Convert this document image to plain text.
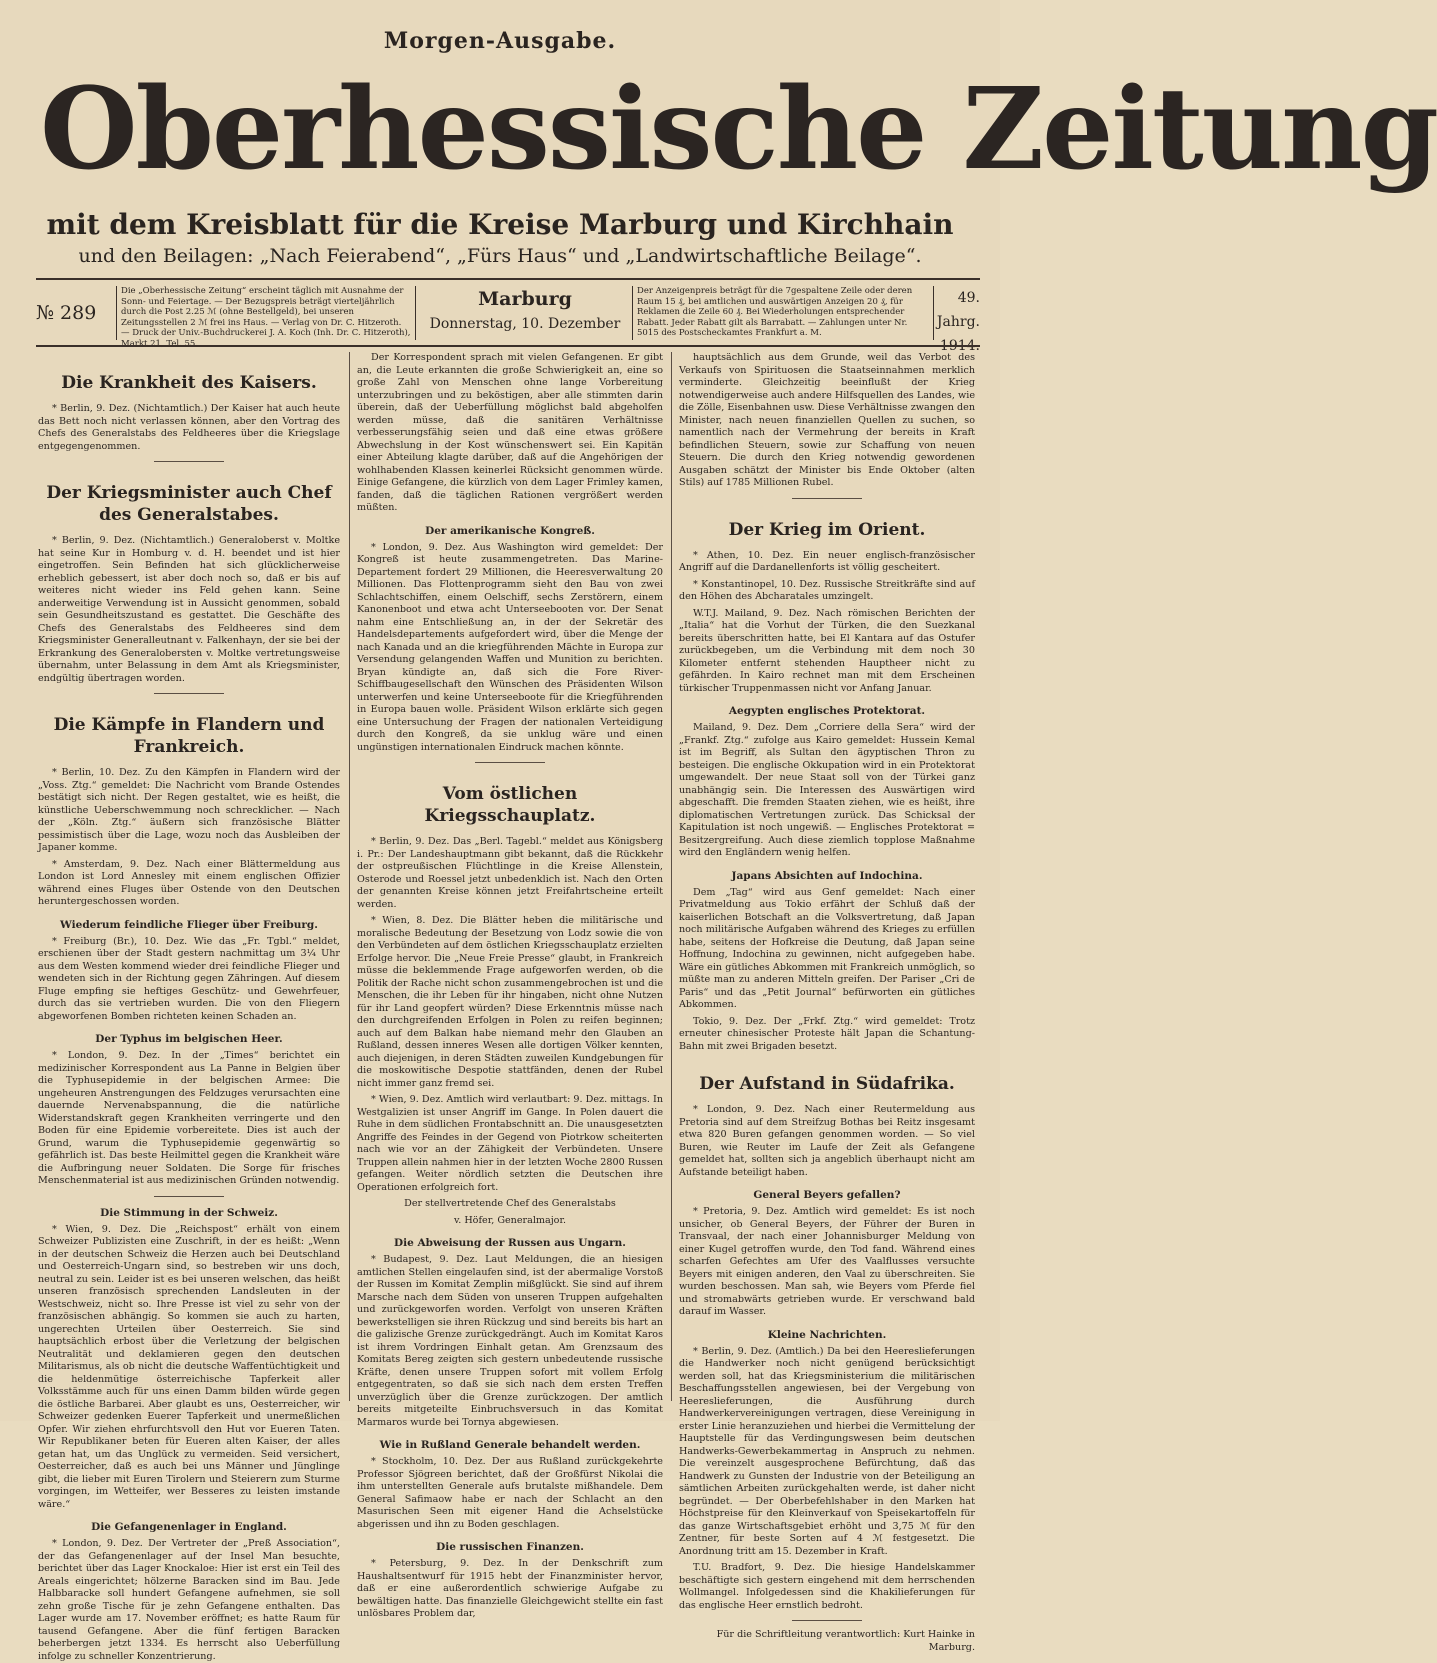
Morgen-Ausgabe.
Oberhessische Zeitung
mit dem Kreisblatt für die Kreise Marburg und Kirchhain
und den Beilagen: „Nach Feierabend“, „Fürs Haus“ und „Landwirtschaftliche Beilage“.
№ 289
Die „Oberhessische Zeitung“ erscheint täglich mit Ausnahme der Sonn- und Feiertage. — Der Bezugspreis beträgt vierteljährlich durch die Post 2.25 ℳ (ohne Bestellgeld), bei unseren Zeitungsstellen 2 ℳ frei ins Haus. — Verlag von Dr. C. Hitzeroth. — Druck der Univ.-Buchdruckerei J. A. Koch (Inh. Dr. C. Hitzeroth), Markt 21, Tel. 55.
Marburg
Donnerstag, 10. Dezember
Der Anzeigenpreis beträgt für die 7gespaltene Zeile oder deren Raum 15 ₰, bei amtlichen und auswärtigen Anzeigen 20 ₰, für Reklamen die Zeile 60 ₰. Bei Wiederholungen entsprechender Rabatt. Jeder Rabatt gilt als Barrabatt. — Zahlungen unter Nr. 5015 des Postscheckamtes Frankfurt a. M.
49. Jahrg.
1914.
Die Krankheit des Kaisers.

* Berlin, 9. Dez. (Nichtamtlich.) Der Kaiser hat auch heute das Bett noch nicht verlassen können, aber den Vortrag des Chefs des Generalstabs des Feldheeres über die Kriegslage entgegengenommen.

Der Kriegsminister auch Chef des Generalstabes.

* Berlin, 9. Dez. (Nichtamtlich.) Generaloberst v. Moltke hat seine Kur in Homburg v. d. H. beendet und ist hier eingetroffen. Sein Befinden hat sich glücklicherweise erheblich gebessert, ist aber doch noch so, daß er bis auf weiteres nicht wieder ins Feld gehen kann. Seine anderweitige Verwendung ist in Aussicht genommen, sobald sein Gesundheitszustand es gestattet. Die Geschäfte des Chefs des Generalstabs des Feldheeres sind dem Kriegsminister Generalleutnant v. Falkenhayn, der sie bei der Erkrankung des Generalobersten v. Moltke vertretungsweise übernahm, unter Belassung in dem Amt als Kriegsminister, endgültig übertragen worden.

Die Kämpfe in Flandern und Frankreich.

* Berlin, 10. Dez. Zu den Kämpfen in Flandern wird der „Voss. Ztg.“ gemeldet: Die Nachricht vom Brande Ostendes bestätigt sich nicht. Der Regen gestaltet, wie es heißt, die künstliche Ueberschwemmung noch schrecklicher. — Nach der „Köln. Ztg.“ äußern sich französische Blätter pessimistisch über die Lage, wozu noch das Ausbleiben der Japaner komme.

* Amsterdam, 9. Dez. Nach einer Blättermeldung aus London ist Lord Annesley mit einem englischen Offizier während eines Fluges über Ostende von den Deutschen heruntergeschossen worden.

Wiederum feindliche Flieger über Freiburg.

* Freiburg (Br.), 10. Dez. Wie das „Fr. Tgbl.“ meldet, erschienen über der Stadt gestern nachmittag um 3¼ Uhr aus dem Westen kommend wieder drei feindliche Flieger und wendeten sich in der Richtung gegen Zähringen. Auf diesem Fluge empfing sie heftiges Geschütz- und Gewehrfeuer, durch das sie vertrieben wurden. Die von den Fliegern abgeworfenen Bomben richteten keinen Schaden an.

Der Typhus im belgischen Heer.

* London, 9. Dez. In der „Times“ berichtet ein medizinischer Korrespondent aus La Panne in Belgien über die Typhusepidemie in der belgischen Armee: Die ungeheuren Anstrengungen des Feldzuges verursachten eine dauernde Nervenabspannung, die die natürliche Widerstandskraft gegen Krankheiten verringerte und den Boden für eine Epidemie vorbereitete. Dies ist auch der Grund, warum die Typhusepidemie gegenwärtig so gefährlich ist. Das beste Heilmittel gegen die Krankheit wäre die Aufbringung neuer Soldaten. Die Sorge für frisches Menschenmaterial ist aus medizinischen Gründen notwendig.

Die Stimmung in der Schweiz.

* Wien, 9. Dez. Die „Reichspost“ erhält von einem Schweizer Publizisten eine Zuschrift, in der es heißt: „Wenn in der deutschen Schweiz die Herzen auch bei Deutschland und Oesterreich-Ungarn sind, so bestreben wir uns doch, neutral zu sein. Leider ist es bei unseren welschen, das heißt unseren französisch sprechenden Landsleuten in der Westschweiz, nicht so. Ihre Presse ist viel zu sehr von der französischen abhängig. So kommen sie auch zu harten, ungerechten Urteilen über Oesterreich. Sie sind hauptsächlich erbost über die Verletzung der belgischen Neutralität und deklamieren gegen den deutschen Militarismus, als ob nicht die deutsche Waffentüchtigkeit und die heldenmütige österreichische Tapferkeit aller Volksstämme auch für uns einen Damm bilden würde gegen die östliche Barbarei. Aber glaubt es uns, Oesterreicher, wir Schweizer gedenken Euerer Tapferkeit und unermeßlichen Opfer. Wir ziehen ehrfurchtsvoll den Hut vor Eueren Taten. Wir Republikaner beten für Eueren alten Kaiser, der alles getan hat, um das Unglück zu vermeiden. Seid versichert, Oesterreicher, daß es auch bei uns Männer und Jünglinge gibt, die lieber mit Euren Tirolern und Steierern zum Sturme vorgingen, im Wetteifer, wer Besseres zu leisten imstande wäre.“

Die Gefangenenlager in England.

* London, 9. Dez. Der Vertreter der „Preß Association“, der das Gefangenenlager auf der Insel Man besuchte, berichtet über das Lager Knockaloe: Hier ist erst ein Teil des Areals eingerichtet; hölzerne Baracken sind im Bau. Jede Halbbaracke soll hundert Gefangene aufnehmen, sie soll zehn große Tische für je zehn Gefangene enthalten. Das Lager wurde am 17. November eröffnet; es hatte Raum für tausend Gefangene. Aber die fünf fertigen Baracken beherbergen jetzt 1334. Es herrscht also Ueberfüllung infolge zu schneller Konzentrierung.

Der Korrespondent sprach mit vielen Gefangenen. Er gibt an, die Leute erkannten die große Schwierigkeit an, eine so große Zahl von Menschen ohne lange Vorbereitung unterzubringen und zu beköstigen, aber alle stimmten darin überein, daß der Ueberfüllung möglichst bald abgeholfen werden müsse, daß die sanitären Verhältnisse verbesserungsfähig seien und daß eine etwas größere Abwechslung in der Kost wünschenswert sei. Ein Kapitän einer Abteilung klagte darüber, daß auf die Angehörigen der wohlhabenden Klassen keinerlei Rücksicht genommen würde. Einige Gefangene, die kürzlich von dem Lager Frimley kamen, fanden, daß die täglichen Rationen vergrößert werden müßten.

Der amerikanische Kongreß.

* London, 9. Dez. Aus Washington wird gemeldet: Der Kongreß ist heute zusammengetreten. Das Marine-Departement fordert 29 Millionen, die Heeresverwaltung 20 Millionen. Das Flottenprogramm sieht den Bau von zwei Schlachtschiffen, einem Oelschiff, sechs Zerstörern, einem Kanonenboot und etwa acht Unterseebooten vor. Der Senat nahm eine Entschließung an, in der der Sekretär des Handelsdepartements aufgefordert wird, über die Menge der nach Kanada und an die kriegführenden Mächte in Europa zur Versendung gelangenden Waffen und Munition zu berichten. Bryan kündigte an, daß sich die Fore River-Schiffbaugesellschaft den Wünschen des Präsidenten Wilson unterwerfen und keine Unterseeboote für die Kriegführenden in Europa bauen wolle. Präsident Wilson erklärte sich gegen eine Untersuchung der Fragen der nationalen Verteidigung durch den Kongreß, da sie unklug wäre und einen ungünstigen internationalen Eindruck machen könnte.

Vom östlichen Kriegsschauplatz.

* Berlin, 9. Dez. Das „Berl. Tagebl.“ meldet aus Königsberg i. Pr.: Der Landeshauptmann gibt bekannt, daß die Rückkehr der ostpreußischen Flüchtlinge in die Kreise Allenstein, Osterode und Roessel jetzt unbedenklich ist. Nach den Orten der genannten Kreise können jetzt Freifahrtscheine erteilt werden.

* Wien, 8. Dez. Die Blätter heben die militärische und moralische Bedeutung der Besetzung von Lodz sowie die von den Verbündeten auf dem östlichen Kriegsschauplatz erzielten Erfolge hervor. Die „Neue Freie Presse“ glaubt, in Frankreich müsse die beklemmende Frage aufgeworfen werden, ob die Politik der Rache nicht schon zusammengebrochen ist und die Menschen, die ihr Leben für ihr hingaben, nicht ohne Nutzen für ihr Land geopfert würden? Diese Erkenntnis müsse nach den durchgreifenden Erfolgen in Polen zu reifen beginnen; auch auf dem Balkan habe niemand mehr den Glauben an Rußland, dessen inneres Wesen alle dortigen Völker kennten, auch diejenigen, in deren Städten zuweilen Kundgebungen für die moskowitische Despotie stattfänden, denen der Rubel nicht immer ganz fremd sei.

* Wien, 9. Dez. Amtlich wird verlautbart: 9. Dez. mittags. In Westgalizien ist unser Angriff im Gange. In Polen dauert die Ruhe in dem südlichen Frontabschnitt an. Die unausgesetzten Angriffe des Feindes in der Gegend von Piotrkow scheiterten nach wie vor an der Zähigkeit der Verbündeten. Unsere Truppen allein nahmen hier in der letzten Woche 2800 Russen gefangen. Weiter nördlich setzten die Deutschen ihre Operationen erfolgreich fort.

Der stellvertretende Chef des Generalstabs

v. Höfer, Generalmajor.

Die Abweisung der Russen aus Ungarn.

* Budapest, 9. Dez. Laut Meldungen, die an hiesigen amtlichen Stellen eingelaufen sind, ist der abermalige Vorstoß der Russen im Komitat Zemplin mißglückt. Sie sind auf ihrem Marsche nach dem Süden von unseren Truppen aufgehalten und zurückgeworfen worden. Verfolgt von unseren Kräften bewerkstelligen sie ihren Rückzug und sind bereits bis hart an die galizische Grenze zurückgedrängt. Auch im Komitat Karos ist ihrem Vordringen Einhalt getan. Am Grenzsaum des Komitats Bereg zeigten sich gestern unbedeutende russische Kräfte, denen unsere Truppen sofort mit vollem Erfolg entgegentraten, so daß sie sich nach dem ersten Treffen unverzüglich über die Grenze zurückzogen. Der amtlich bereits mitgeteilte Einbruchsversuch in das Komitat Marmaros wurde bei Tornya abgewiesen.

Wie in Rußland Generale behandelt werden.

* Stockholm, 10. Dez. Der aus Rußland zurückgekehrte Professor Sjögreen berichtet, daß der Großfürst Nikolai die ihm unterstellten Generale aufs brutalste mißhandele. Dem General Safimaow habe er nach der Schlacht an den Masurischen Seen mit eigener Hand die Achselstücke abgerissen und ihn zu Boden geschlagen.

Die russischen Finanzen.

* Petersburg, 9. Dez. In der Denkschrift zum Haushaltsentwurf für 1915 hebt der Finanzminister hervor, daß er eine außerordentlich schwierige Aufgabe zu bewältigen hatte. Das finanzielle Gleichgewicht stellte ein fast unlösbares Problem dar,

hauptsächlich aus dem Grunde, weil das Verbot des Verkaufs von Spirituosen die Staatseinnahmen merklich verminderte. Gleichzeitig beeinflußt der Krieg notwendigerweise auch andere Hilfsquellen des Landes, wie die Zölle, Eisenbahnen usw. Diese Verhältnisse zwangen den Minister, nach neuen finanziellen Quellen zu suchen, so namentlich nach der Vermehrung der bereits in Kraft befindlichen Steuern, sowie zur Schaffung von neuen Steuern. Die durch den Krieg notwendig gewordenen Ausgaben schätzt der Minister bis Ende Oktober (alten Stils) auf 1785 Millionen Rubel.

Der Krieg im Orient.

* Athen, 10. Dez. Ein neuer englisch-französischer Angriff auf die Dardanellenforts ist völlig gescheitert.

* Konstantinopel, 10. Dez. Russische Streitkräfte sind auf den Höhen des Abcharatales umzingelt.

W.T.J. Mailand, 9. Dez. Nach römischen Berichten der „Italia“ hat die Vorhut der Türken, die den Suezkanal bereits überschritten hatte, bei El Kantara auf das Ostufer zurückbegeben, um die Verbindung mit dem noch 30 Kilometer entfernt stehenden Hauptheer nicht zu gefährden. In Kairo rechnet man mit dem Erscheinen türkischer Truppenmassen nicht vor Anfang Januar.

Aegypten englisches Protektorat.

Mailand, 9. Dez. Dem „Corriere della Sera“ wird der „Frankf. Ztg.“ zufolge aus Kairo gemeldet: Hussein Kemal ist im Begriff, als Sultan den ägyptischen Thron zu besteigen. Die englische Okkupation wird in ein Protektorat umgewandelt. Der neue Staat soll von der Türkei ganz unabhängig sein. Die Interessen des Auswärtigen wird abgeschafft. Die fremden Staaten ziehen, wie es heißt, ihre diplomatischen Vertretungen zurück. Das Schicksal der Kapitulation ist noch ungewiß. — Englisches Protektorat = Besitzergreifung. Auch diese ziemlich topplose Maßnahme wird den Engländern wenig helfen.

Japans Absichten auf Indochina.

Dem „Tag“ wird aus Genf gemeldet: Nach einer Privatmeldung aus Tokio erfährt der Schluß daß der kaiserlichen Botschaft an die Volksvertretung, daß Japan noch militärische Aufgaben während des Krieges zu erfüllen habe, seitens der Hofkreise die Deutung, daß Japan seine Hoffnung, Indochina zu gewinnen, nicht aufgegeben habe. Wäre ein gütliches Abkommen mit Frankreich unmöglich, so müßte man zu anderen Mitteln greifen. Der Pariser „Cri de Paris“ und das „Petit Journal“ befürworten ein gütliches Abkommen.

Tokio, 9. Dez. Der „Frkf. Ztg.“ wird gemeldet: Trotz erneuter chinesischer Proteste hält Japan die Schantung-Bahn mit zwei Brigaden besetzt.

Der Aufstand in Südafrika.

* London, 9. Dez. Nach einer Reutermeldung aus Pretoria sind auf dem Streifzug Bothas bei Reitz insgesamt etwa 820 Buren gefangen genommen worden. — So viel Buren, wie Reuter im Laufe der Zeit als Gefangene gemeldet hat, sollten sich ja angeblich überhaupt nicht am Aufstande beteiligt haben.

General Beyers gefallen?

* Pretoria, 9. Dez. Amtlich wird gemeldet: Es ist noch unsicher, ob General Beyers, der Führer der Buren in Transvaal, der nach einer Johannisburger Meldung von einer Kugel getroffen wurde, den Tod fand. Während eines scharfen Gefechtes am Ufer des Vaalflusses versuchte Beyers mit einigen anderen, den Vaal zu überschreiten. Sie wurden beschossen. Man sah, wie Beyers vom Pferde fiel und stromabwärts getrieben wurde. Er verschwand bald darauf im Wasser.

Kleine Nachrichten.

* Berlin, 9. Dez. (Amtlich.) Da bei den Heereslieferungen die Handwerker noch nicht genügend berücksichtigt werden soll, hat das Kriegsministerium die militärischen Beschaffungsstellen angewiesen, bei der Vergebung von Heereslieferungen, die Ausführung durch Handwerkervereinigungen vertragen, diese Vereinigung in erster Linie heranzuziehen und hierbei die Vermittelung der Hauptstelle für das Verdingungswesen beim deutschen Handwerks-Gewerbekammertag in Anspruch zu nehmen. Die vereinzelt ausgesprochene Befürchtung, daß das Handwerk zu Gunsten der Industrie von der Beteiligung an sämtlichen Arbeiten zurückgehalten werde, ist daher nicht begründet. — Der Oberbefehlshaber in den Marken hat Höchstpreise für den Kleinverkauf von Speisekartoffeln für das ganze Wirtschaftsgebiet erhöht und 3,75 ℳ für den Zentner, für beste Sorten auf 4 ℳ festgesetzt. Die Anordnung tritt am 15. Dezember in Kraft.

T.U. Bradfort, 9. Dez. Die hiesige Handelskammer beschäftigte sich gestern eingehend mit dem herrschenden Wollmangel. Infolgedessen sind die Khakilieferungen für das englische Heer ernstlich bedroht.

Für die Schriftleitung verantwortlich: Kurt Hainke in Marburg.
